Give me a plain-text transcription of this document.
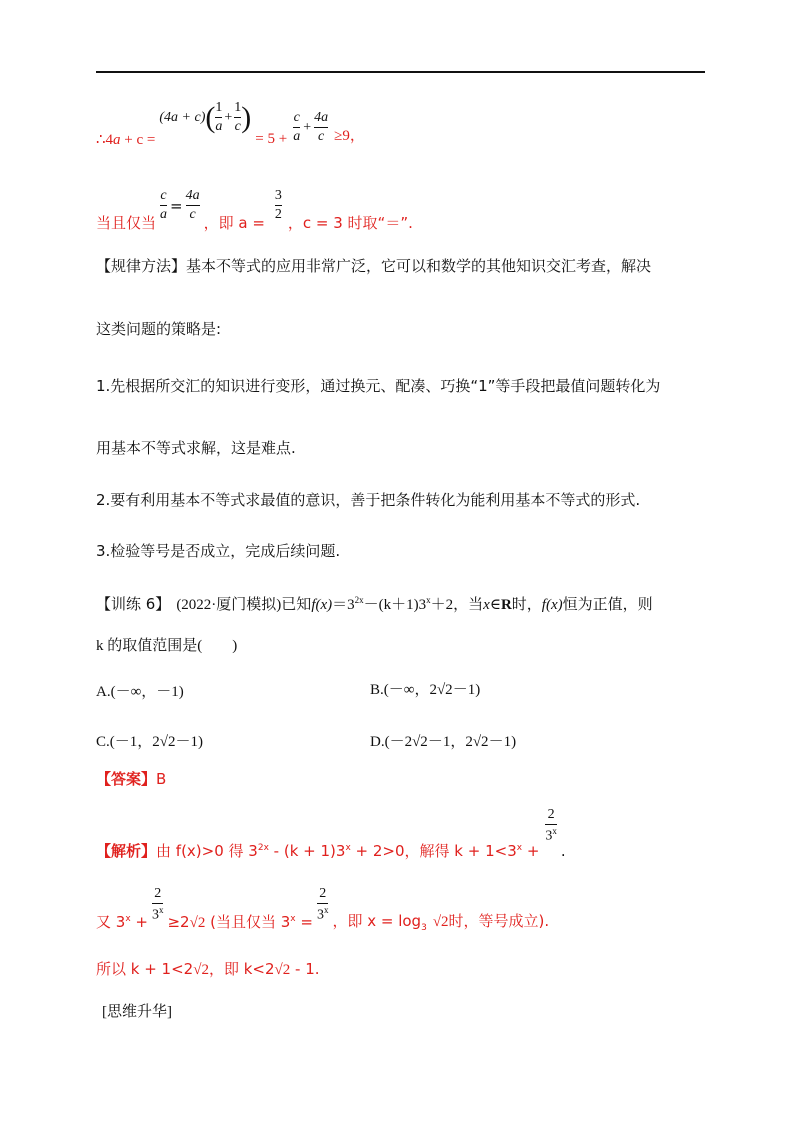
∴4a + c =
(4a + c) ( $\frac{1}{a} + \frac{1}{c}$ )
= $5 + \frac{c}{a} + \frac{4a}{c} \ge 9$，
当且仅当 $\frac{c}{a} = \frac{4a}{c}$ ，即 $a = \frac{3}{2}$ ，c = 3 时取“＝”.
【规律方法】基本不等式的应用非常广泛，它可以和数学的其他知识交汇考查，解决
这类问题的策略是:
1.先根据所交汇的知识进行变形，通过换元、配凑、巧换“1”等手段把最值问题转化为
用基本不等式求解，这是难点.
2.要有利用基本不等式求最值的意识，善于把条件转化为能利用基本不等式的形式.
3.检验等号是否成立，完成后续问题.
【训练 6】 (2022·厦门模拟)已知$f(x)=3^{2x}-(k+1)3^x+2$，当x∈R时，f(x)恒为正值，则
k 的取值范围是(　　)
A.(－∞，－1)	B.(－∞，2√2－1)
C.(－1，2√2－1)	D.(－2√2－1，2√2－1)
【答案】B
【解析】由 f(x)>0 得 $3^{2x} - (k + 1)3^x + 2>0$，解得 $k + 1<3^x$ +
$\frac{2}{3^x}$
.
又 $3^x + \frac{2}{3^x} \ge 2√2$ (当且仅当 $3^x = \frac{2}{3^x}$ ，即 $x = \log_3 √2$时，等号成立).
所以 k + 1<2√2，即 k<2√2 - 1.
[思维升华]
